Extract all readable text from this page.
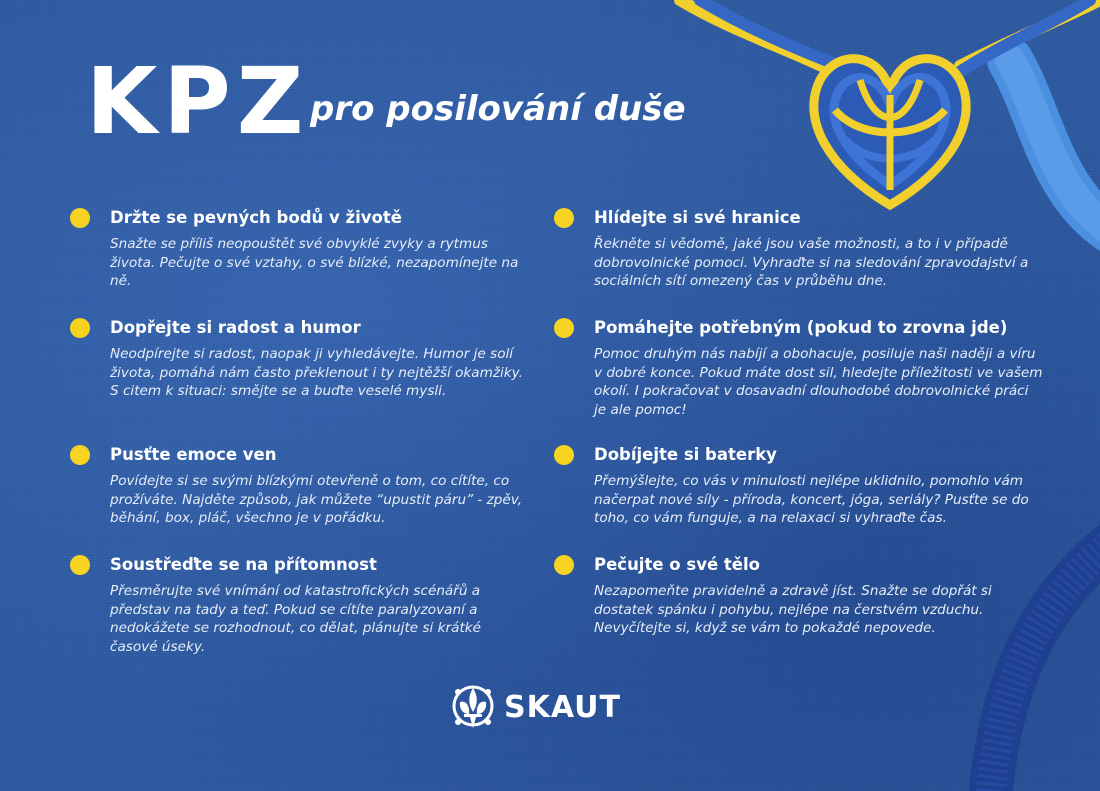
KPZ pro posilování duše
Držte se pevných bodů v životě
Snažte se příliš neopouštět své obvyklé zvyky a rytmus života. Pečujte o své vztahy, o své blízké, nezapomínejte na ně.
Dopřejte si radost a humor
Neodpírejte si radost, naopak ji vyhledávejte. Humor je solí života, pomáhá nám často překlenout i ty nejtěžší okamžiky. S citem k situaci: smějte se a buďte veselé mysli.
Pusťte emoce ven
Povídejte si se svými blízkými otevřeně o tom, co cítíte, co prožíváte. Najděte způsob, jak můžete “upustit páru” - zpěv, běhání, box, pláč, všechno je v pořádku.
Soustřeďte se na přítomnost
Přesměrujte své vnímání od katastrofických scénářů a představ na tady a teď. Pokud se cítíte paralyzovaní a nedokážete se rozhodnout, co dělat, plánujte si krátké časové úseky.
Hlídejte si své hranice
Řekněte si vědomě, jaké jsou vaše možnosti, a to i v případě dobrovolnické pomoci. Vyhraďte si na sledování zpravodajství a sociálních sítí omezený čas v průběhu dne.
Pomáhejte potřebným (pokud to zrovna jde)
Pomoc druhým nás nabíjí a obohacuje, posiluje naši naději a víru v dobré konce. Pokud máte dost sil, hledejte příležitosti ve vašem okolí. I pokračovat v dosavadní dlouhodobé dobrovolnické práci je ale pomoc!
Dobíjejte si baterky
Přemýšlejte, co vás v minulosti nejlépe uklidnilo, pomohlo vám načerpat nové síly - příroda, koncert, jóga, seriály? Pusťte se do toho, co vám funguje, a na relaxaci si vyhraďte čas.
Pečujte o své tělo
Nezapomeňte pravidelně a zdravě jíst. Snažte se dopřát si dostatek spánku i pohybu, nejlépe na čerstvém vzduchu. Nevyčítejte si, když se vám to pokaždé nepovede.
SKAUT
